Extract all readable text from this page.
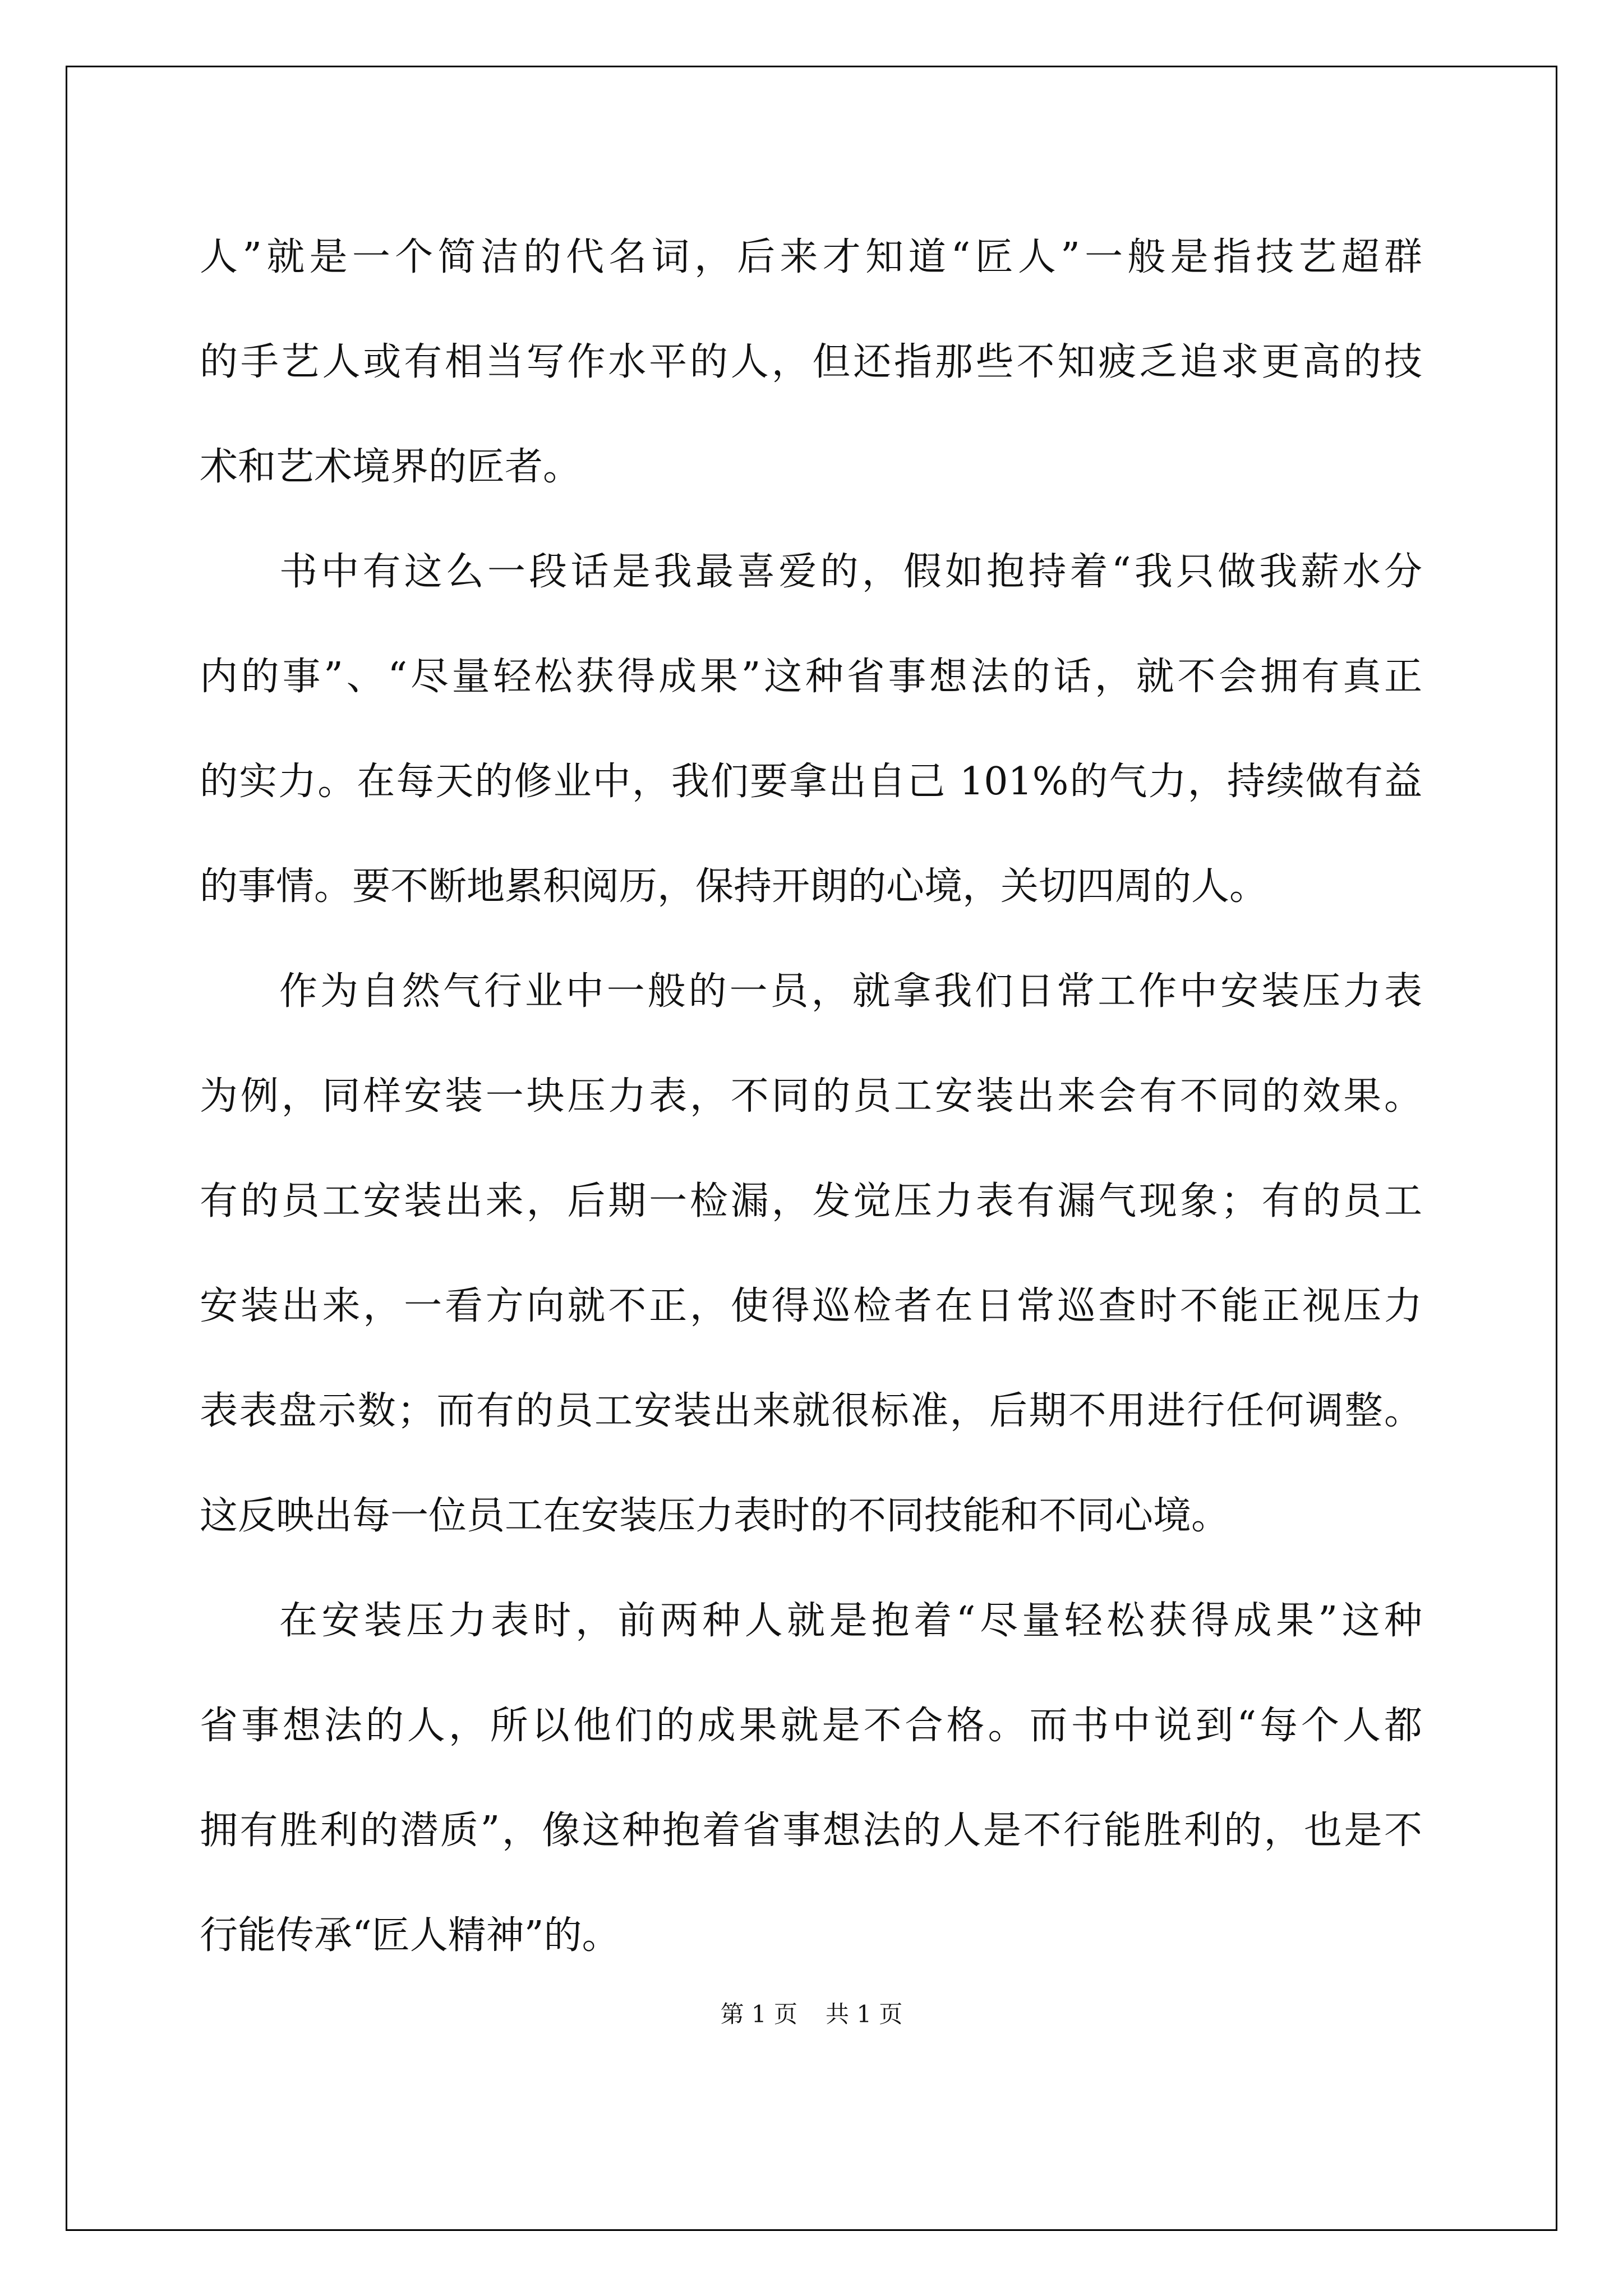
人”就是一个简洁的代名词，后来才知道“匠人”一般是指技艺超群
的手艺人或有相当写作水平的人，但还指那些不知疲乏追求更高的技
术和艺术境界的匠者。
书中有这么一段话是我最喜爱的，假如抱持着“我只做我薪水分
内的事”、“尽量轻松获得成果”这种省事想法的话，就不会拥有真正
的实力。在每天的修业中，我们要拿出自己 101%的气力，持续做有益
的事情。要不断地累积阅历，保持开朗的心境，关切四周的人。
作为自然气行业中一般的一员，就拿我们日常工作中安装压力表
为例，同样安装一块压力表，不同的员工安装出来会有不同的效果。
有的员工安装出来，后期一检漏，发觉压力表有漏气现象；有的员工
安装出来，一看方向就不正，使得巡检者在日常巡查时不能正视压力
表表盘示数；而有的员工安装出来就很标准，后期不用进行任何调整。
这反映出每一位员工在安装压力表时的不同技能和不同心境。
在安装压力表时，前两种人就是抱着“尽量轻松获得成果”这种
省事想法的人，所以他们的成果就是不合格。而书中说到“每个人都
拥有胜利的潜质”，像这种抱着省事想法的人是不行能胜利的，也是不
行能传承“匠人精神”的。
第 1 页 共 1 页
